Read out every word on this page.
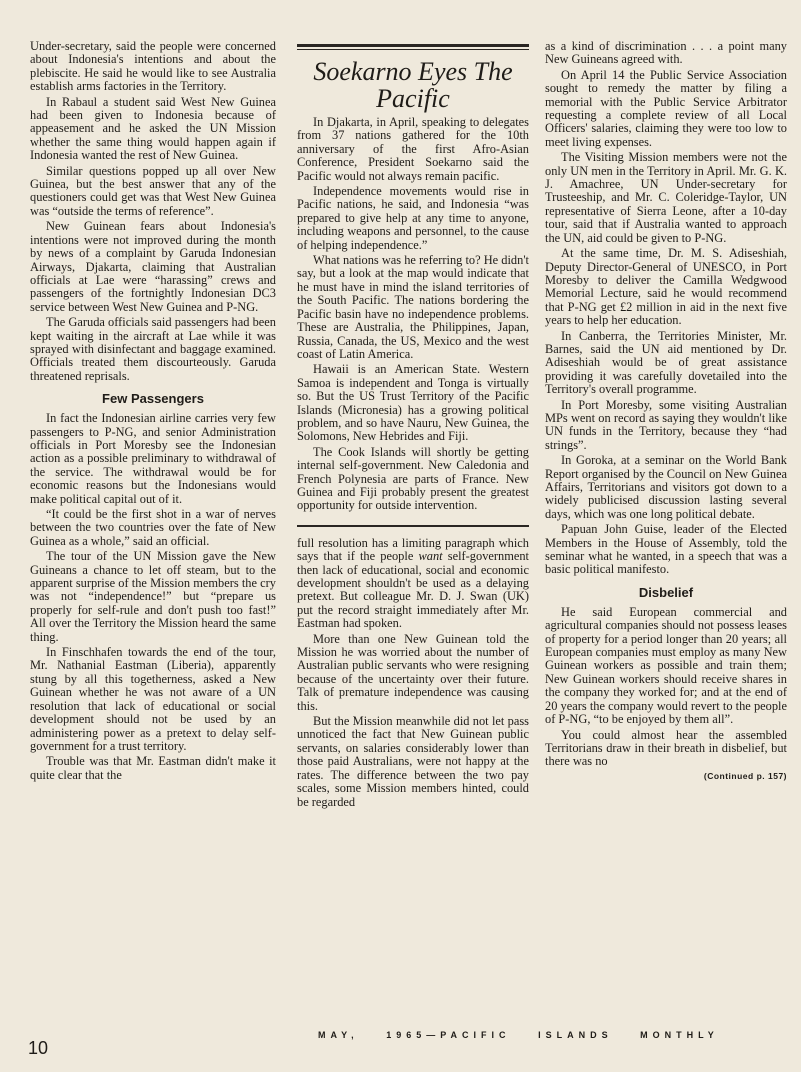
Under-secretary, said the people were concerned about Indonesia's intentions and about the plebiscite. He said he would like to see Australia establish arms factories in the Territory.

In Rabaul a student said West New Guinea had been given to Indonesia because of appeasement and he asked the UN Mission whether the same thing would happen again if Indonesia wanted the rest of New Guinea.

Similar questions popped up all over New Guinea, but the best answer that any of the questioners could get was that West New Guinea was “outside the terms of reference”.

New Guinean fears about Indonesia's intentions were not improved during the month by news of a complaint by Garuda Indonesian Airways, Djakarta, claiming that Australian officials at Lae were “harassing” crews and passengers of the fortnightly Indonesian DC3 service between West New Guinea and P-NG.

The Garuda officials said passengers had been kept waiting in the aircraft at Lae while it was sprayed with disinfectant and baggage examined. Officials treated them discourteously. Garuda threatened reprisals.

Few Passengers

In fact the Indonesian airline carries very few passengers to P-NG, and senior Administration officials in Port Moresby see the Indonesian action as a possible preliminary to withdrawal of the service. The withdrawal would be for economic reasons but the Indonesians would make political capital out of it.

“It could be the first shot in a war of nerves between the two countries over the fate of New Guinea as a whole,” said an official.

The tour of the UN Mission gave the New Guineans a chance to let off steam, but to the apparent surprise of the Mission members the cry was not “independence!” but “prepare us properly for self-rule and don't push too fast!” All over the Territory the Mission heard the same thing.

In Finschhafen towards the end of the tour, Mr. Nathanial Eastman (Liberia), apparently stung by all this togetherness, asked a New Guinean whether he was not aware of a UN resolution that lack of educational or social development should not be used by an administering power as a pretext to delay self-government for a trust territory.

Trouble was that Mr. Eastman didn't make it quite clear that the

Soekarno Eyes The Pacific

In Djakarta, in April, speaking to delegates from 37 nations gathered for the 10th anniversary of the first Afro-Asian Conference, President Soekarno said the Pacific would not always remain pacific.

Independence movements would rise in Pacific nations, he said, and Indonesia “was prepared to give help at any time to anyone, including weapons and personnel, to the cause of helping independence.”

What nations was he referring to? He didn't say, but a look at the map would indicate that he must have in mind the island territories of the South Pacific. The nations bordering the Pacific basin have no independence problems. These are Australia, the Philippines, Japan, Russia, Canada, the US, Mexico and the west coast of Latin America.

Hawaii is an American State. Western Samoa is independent and Tonga is virtually so. But the US Trust Territory of the Pacific Islands (Micronesia) has a growing political problem, and so have Nauru, New Guinea, the Solomons, New Hebrides and Fiji.

The Cook Islands will shortly be getting internal self-government. New Caledonia and French Polynesia are parts of France. New Guinea and Fiji probably present the greatest opportunity for outside intervention.

full resolution has a limiting paragraph which says that if the people want self-government then lack of educational, social and economic development shouldn't be used as a delaying pretext. But colleague Mr. D. J. Swan (UK) put the record straight immediately after Mr. Eastman had spoken.

More than one New Guinean told the Mission he was worried about the number of Australian public servants who were resigning because of the uncertainty over their future. Talk of premature independence was causing this.

But the Mission meanwhile did not let pass unnoticed the fact that New Guinean public servants, on salaries considerably lower than those paid Australians, were not happy at the rates. The difference between the two pay scales, some Mission members hinted, could be regarded

as a kind of discrimination . . . a point many New Guineans agreed with.

On April 14 the Public Service Association sought to remedy the matter by filing a memorial with the Public Service Arbitrator requesting a complete review of all Local Officers' salaries, claiming they were too low to meet living expenses.

The Visiting Mission members were not the only UN men in the Territory in April. Mr. G. K. J. Amachree, UN Under-secretary for Trusteeship, and Mr. C. Coleridge-Taylor, UN representative of Sierra Leone, after a 10-day tour, said that if Australia wanted to approach the UN, aid could be given to P-NG.

At the same time, Dr. M. S. Adiseshiah, Deputy Director-General of UNESCO, in Port Moresby to deliver the Camilla Wedgwood Memorial Lecture, said he would recommend that P-NG get £2 million in aid in the next five years to help her education.

In Canberra, the Territories Minister, Mr. Barnes, said the UN aid mentioned by Dr. Adiseshiah would be of great assistance providing it was carefully dovetailed into the Territory's overall programme.

In Port Moresby, some visiting Australian MPs went on record as saying they wouldn't like UN funds in the Territory, because they “had strings”.

In Goroka, at a seminar on the World Bank Report organised by the Council on New Guinea Affairs, Territorians and visitors got down to a widely publicised discussion lasting several days, which was one long political debate.

Papuan John Guise, leader of the Elected Members in the House of Assembly, told the seminar what he wanted, in a speech that was a basic political manifesto.

Disbelief

He said European commercial and agricultural companies should not possess leases of property for a period longer than 20 years; all European companies must employ as many New Guinean workers as possible and train them; New Guinean workers should receive shares in the company they worked for; and at the end of 20 years the company would revert to the people of P-NG, “to be enjoyed by them all”.

You could almost hear the assembled Territorians draw in their breath in disbelief, but there was no

(Continued p. 157)
10
MAY,	1965—PACIFIC	ISLANDS	MONTHLY
